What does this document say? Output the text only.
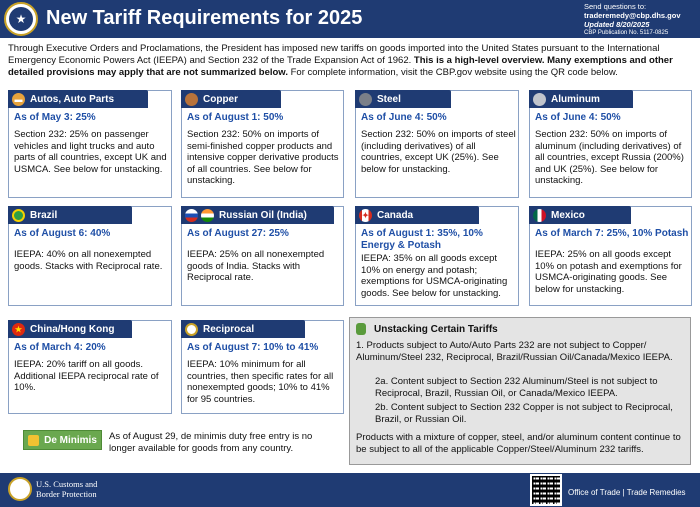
★ New Tariff Requirements for 2025
Send questions to:
traderemedy@cbp.dhs.gov
Updated 8/20/2025
CBP Publication No. 5117-0825
Through Executive Orders and Proclamations, the President has imposed new tariffs on goods imported into the United States pursuant to the International Emergency Economic Powers Act (IEEPA) and Section 232 of the Trade Expansion Act of 1962. This is a high-level overview. Many exemptions and other detailed provisions may apply that are not summarized below. For complete information, visit the CBP.gov website using the QR code below.
▬ Autos, Auto Parts
As of May 3: 25%
Section 232: 25% on passenger vehicles and light trucks and auto parts of all countries, except UK and USMCA. See below for unstacking.
Copper
As of August 1: 50%
Section 232: 50% on imports of semi-finished copper products and intensive copper derivative products of all countries. See below for unstacking.
Steel
As of June 4: 50%
Section 232: 50% on imports of steel (including derivatives) of all countries, except UK (25%). See below for unstacking.
Aluminum
As of June 4: 50%
Section 232: 50% on imports of aluminum (including derivatives) of all countries, except Russia (200%) and UK (25%). See below for unstacking.
Brazil
As of August 6: 40%
IEEPA: 40% on all nonexempted goods. Stacks with Reciprocal rate.
Russian Oil (India)
As of August 27: 25%
IEEPA: 25% on all nonexempted goods of India. Stacks with Reciprocal rate.
✦ Canada
As of August 1: 35%, 10% Energy & Potash
IEEPA: 35% on all goods except 10% on energy and potash; exemptions for USMCA-originating goods. See below for unstacking.
Mexico
As of March 7: 25%, 10% Potash
IEEPA: 25% on all goods except 10% on potash and exemptions for USMCA-originating goods. See below for unstacking.
★ China/Hong Kong
As of March 4: 20%
IEEPA: 20% tariff on all goods. Additional IEEPA reciprocal rate of 10%.
Reciprocal
As of August 7: 10% to 41%
IEEPA: 10% minimum for all countries, then specific rates for all nonexempted goods; 10% to 41% for 95 countries.
Unstacking Certain Tariffs
1. Products subject to Auto/Auto Parts 232 are not subject to Copper/ Aluminum/Steel 232, Reciprocal, Brazil/Russian Oil/Canada/Mexico IEEPA.
2a. Content subject to Section 232 Aluminum/Steel is not subject to Reciprocal, Brazil, Russian Oil, or Canada/Mexico IEEPA.
2b. Content subject to Section 232 Copper is not subject to Reciprocal, Brazil, or Russian Oil.
Products with a mixture of copper, steel, and/or aluminum content continue to be subject to all of the applicable Copper/Steel/Aluminum 232 tariffs.
De Minimis As of August 29, de minimis duty free entry is no longer available for goods from any country.
U.S. Customs and
Border Protection	Office of Trade | Trade Remedies
